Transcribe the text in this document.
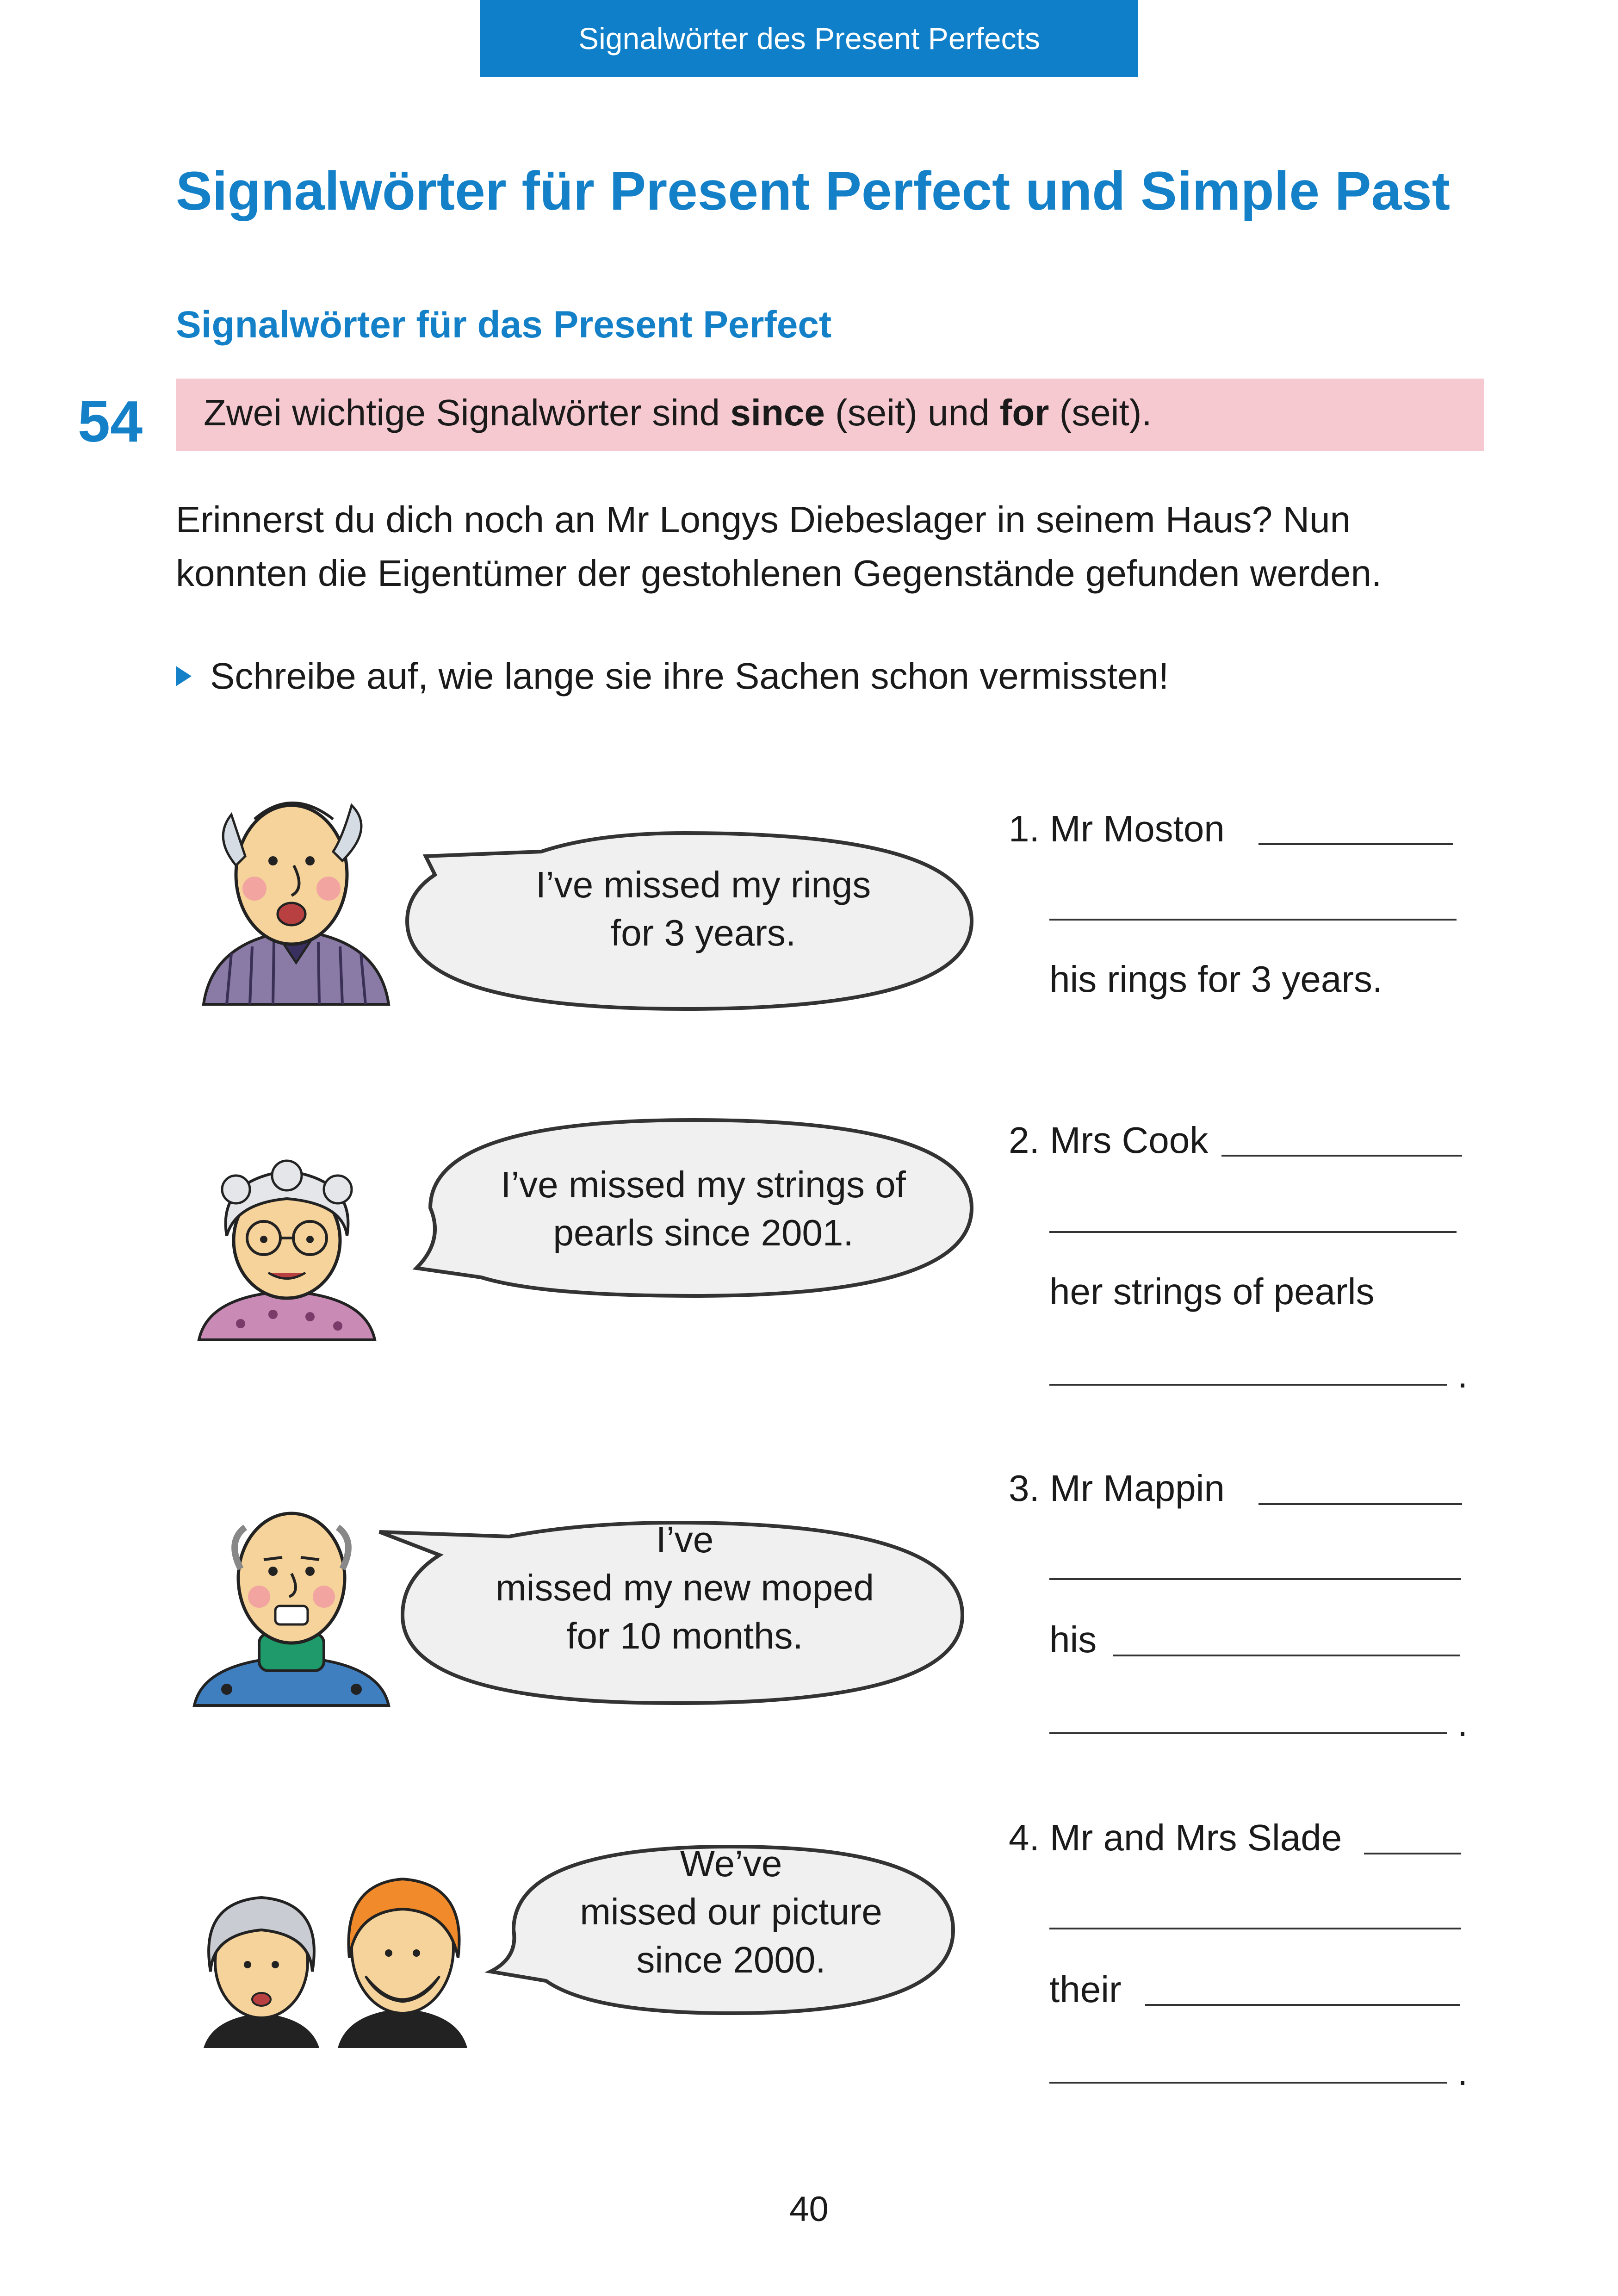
Signalwörter des Present Perfects
Signalwörter für Present Perfect und Simple Past
Signalwörter für das Present Perfect
54 Zwei wichtige Signalwörter sind since (seit) und for (seit).
Erinnerst du dich noch an Mr Longys Diebeslager in seinem Haus? Nun
konnten die Eigentümer der gestohlenen Gegenstände gefunden werden.
Schreibe auf, wie lange sie ihre Sachen schon vermissten!
I’ve missed my rings
for 3 years.
1. Mr Moston
his rings for 3 years.
I’ve missed my strings of
pearls since 2001.
2. Mrs Cook
her strings of pearls
.
I’ve
missed my new moped
for 10 months.
3. Mr Mappin
his
.
We’ve
missed our picture
since 2000.
4. Mr and Mrs Slade
their
.
40
